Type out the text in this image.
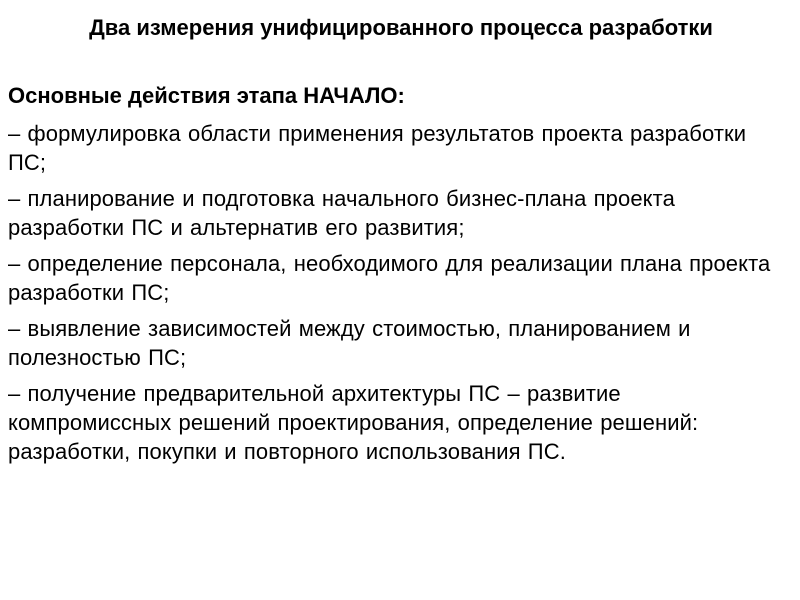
Два измерения унифицированного процесса разработки
Основные действия этапа НАЧАЛО:
– формулировка области применения результатов проекта разработки ПС;
– планирование и подготовка начального бизнес-плана проекта разработки ПС и альтернатив его развития;
– определение персонала, необходимого для реализации плана проекта разработки ПС;
– выявление зависимостей между стоимостью, планированием и полезностью ПС;
– получение предварительной архитектуры ПС – развитие компромиссных решений проектирования, определение решений: разработки, покупки и повторного использования ПС.
